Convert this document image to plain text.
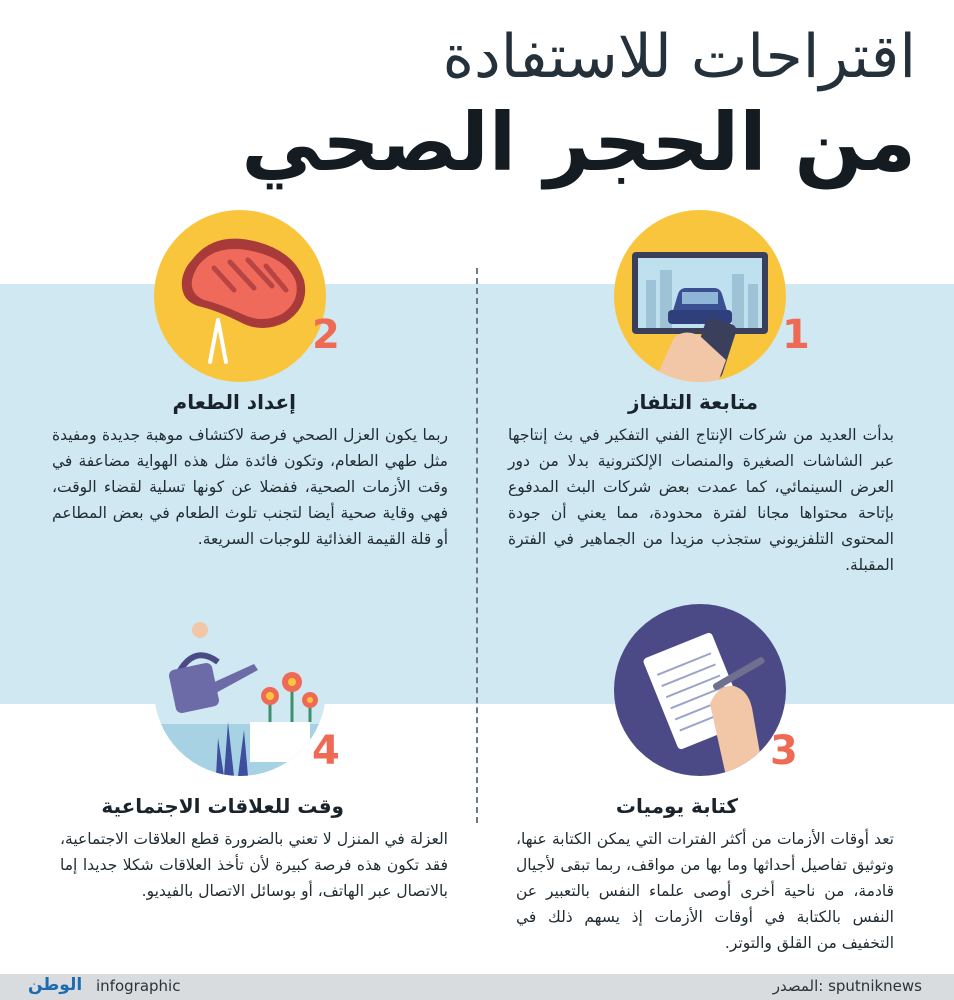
اقتراحات للاستفادة
من الحجر الصحي
1
متابعة التلفاز
بدأت العديد من شركات الإنتاج الفني التفكير في بث إنتاجها عبر الشاشات الصغيرة والمنصات الإلكترونية بدلا من دور العرض السينمائي، كما عمدت بعض شركات البث المدفوع بإتاحة محتواها مجانا لفترة محدودة، مما يعني أن جودة المحتوى التلفزيوني ستجذب مزيدا من الجماهير في الفترة المقبلة.
2
إعداد الطعام
ربما يكون العزل الصحي فرصة لاكتشاف موهبة جديدة ومفيدة مثل طهي الطعام، وتكون فائدة مثل هذه الهواية مضاعفة في وقت الأزمات الصحية، ففضلا عن كونها تسلية لقضاء الوقت، فهي وقاية صحية أيضا لتجنب تلوث الطعام في بعض المطاعم أو قلة القيمة الغذائية للوجبات السريعة.
3
كتابة يوميات
تعد أوقات الأزمات من أكثر الفترات التي يمكن الكتابة عنها، وتوثيق تفاصيل أحداثها وما بها من مواقف، ربما تبقى لأجيال قادمة، من ناحية أخرى أوصى علماء النفس بالتعبير عن النفس بالكتابة في أوقات الأزمات إذ يسهم ذلك في التخفيف من القلق والتوتر.
4
وقت للعلاقات الاجتماعية
العزلة في المنزل لا تعني بالضرورة قطع العلاقات الاجتماعية، فقد تكون هذه فرصة كبيرة لأن تأخذ العلاقات شكلا جديدا إما بالاتصال عبر الهاتف، أو بوسائل الاتصال بالفيديو.
المصدر: sputniknews
infographic
الوطن
